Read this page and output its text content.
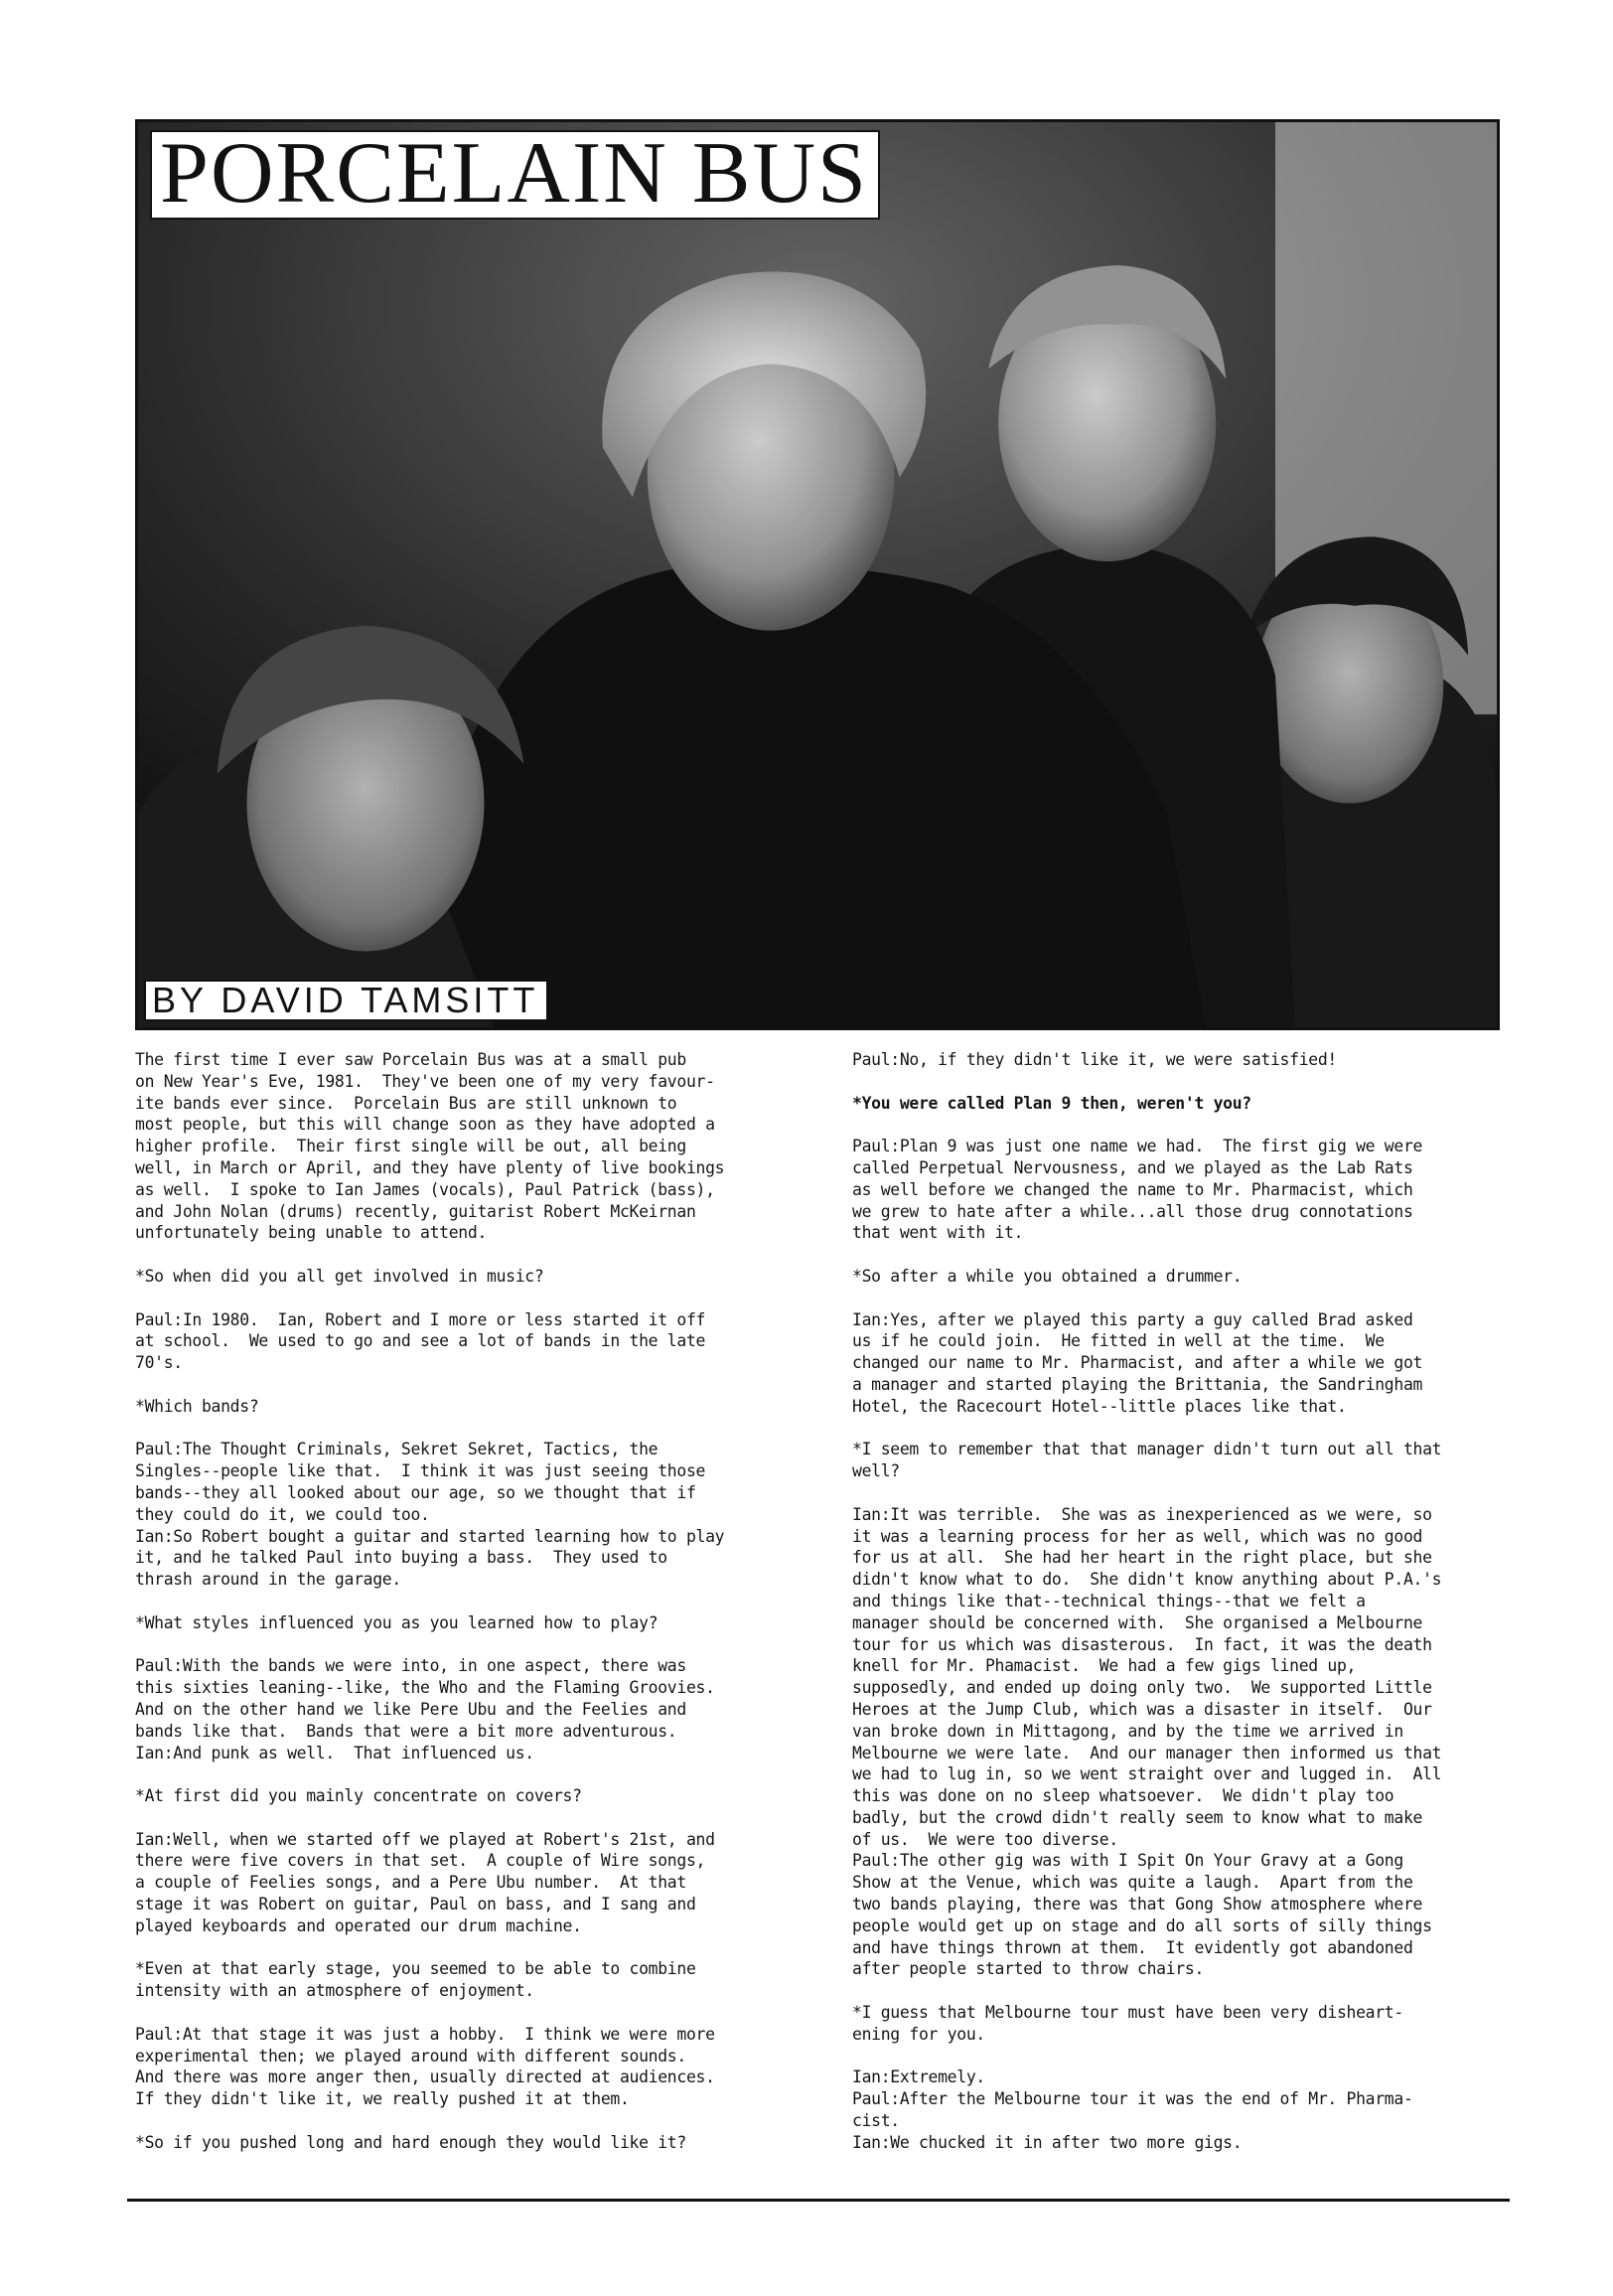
PORCELAIN BUS
BY DAVID TAMSITT
The first time I ever saw Porcelain Bus was at a small pub
on New Year's Eve, 1981.  They've been one of my very favour-
ite bands ever since.  Porcelain Bus are still unknown to
most people, but this will change soon as they have adopted a
higher profile.  Their first single will be out, all being
well, in March or April, and they have plenty of live bookings
as well.  I spoke to Ian James (vocals), Paul Patrick (bass),
and John Nolan (drums) recently, guitarist Robert McKeirnan
unfortunately being unable to attend.
*So when did you all get involved in music?
Paul:In 1980.  Ian, Robert and I more or less started it off
at school.  We used to go and see a lot of bands in the late
70's.
*Which bands?
Paul:The Thought Criminals, Sekret Sekret, Tactics, the
Singles--people like that.  I think it was just seeing those
bands--they all looked about our age, so we thought that if
they could do it, we could too.
Ian:So Robert bought a guitar and started learning how to play
it, and he talked Paul into buying a bass.  They used to
thrash around in the garage.
*What styles influenced you as you learned how to play?
Paul:With the bands we were into, in one aspect, there was
this sixties leaning--like, the Who and the Flaming Groovies.
And on the other hand we like Pere Ubu and the Feelies and
bands like that.  Bands that were a bit more adventurous.
Ian:And punk as well.  That influenced us.
*At first did you mainly concentrate on covers?
Ian:Well, when we started off we played at Robert's 21st, and
there were five covers in that set.  A couple of Wire songs,
a couple of Feelies songs, and a Pere Ubu number.  At that
stage it was Robert on guitar, Paul on bass, and I sang and
played keyboards and operated our drum machine.
*Even at that early stage, you seemed to be able to combine
intensity with an atmosphere of enjoyment.
Paul:At that stage it was just a hobby.  I think we were more
experimental then; we played around with different sounds.
And there was more anger then, usually directed at audiences.
If they didn't like it, we really pushed it at them.
*So if you pushed long and hard enough they would like it?
Paul:No, if they didn't like it, we were satisfied!
*You were called Plan 9 then, weren't you?
Paul:Plan 9 was just one name we had.  The first gig we were
called Perpetual Nervousness, and we played as the Lab Rats
as well before we changed the name to Mr. Pharmacist, which
we grew to hate after a while...all those drug connotations
that went with it.
*So after a while you obtained a drummer.
Ian:Yes, after we played this party a guy called Brad asked
us if he could join.  He fitted in well at the time.  We
changed our name to Mr. Pharmacist, and after a while we got
a manager and started playing the Brittania, the Sandringham
Hotel, the Racecourt Hotel--little places like that.
*I seem to remember that that manager didn't turn out all that
well?
Ian:It was terrible.  She was as inexperienced as we were, so
it was a learning process for her as well, which was no good
for us at all.  She had her heart in the right place, but she
didn't know what to do.  She didn't know anything about P.A.'s
and things like that--technical things--that we felt a
manager should be concerned with.  She organised a Melbourne
tour for us which was disasterous.  In fact, it was the death
knell for Mr. Phamacist.  We had a few gigs lined up,
supposedly, and ended up doing only two.  We supported Little
Heroes at the Jump Club, which was a disaster in itself.  Our
van broke down in Mittagong, and by the time we arrived in
Melbourne we were late.  And our manager then informed us that
we had to lug in, so we went straight over and lugged in.  All
this was done on no sleep whatsoever.  We didn't play too
badly, but the crowd didn't really seem to know what to make
of us.  We were too diverse.
Paul:The other gig was with I Spit On Your Gravy at a Gong
Show at the Venue, which was quite a laugh.  Apart from the
two bands playing, there was that Gong Show atmosphere where
people would get up on stage and do all sorts of silly things
and have things thrown at them.  It evidently got abandoned
after people started to throw chairs.
*I guess that Melbourne tour must have been very disheart-
ening for you.
Ian:Extremely.
Paul:After the Melbourne tour it was the end of Mr. Pharma-
cist.
Ian:We chucked it in after two more gigs.
